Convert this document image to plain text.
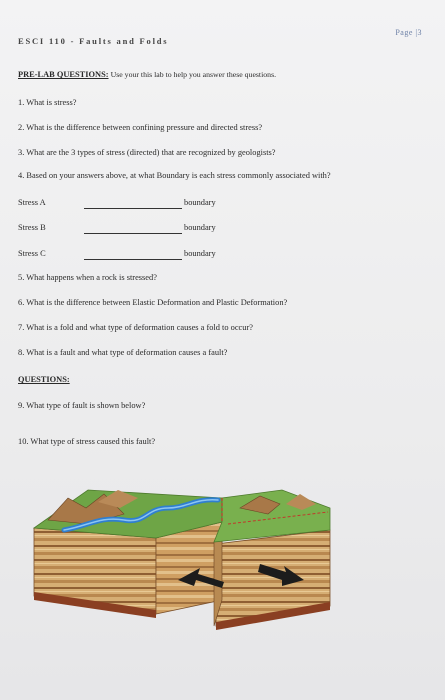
ESCI 110 - Faults and Folds
Page |3
PRE-LAB QUESTIONS: Use your this lab to help you answer these questions.
1. What is stress?
2. What is the difference between confining pressure and directed stress?
3. What are the 3 types of stress (directed) that are recognized by geologists?
4. Based on your answers above, at what Boundary is each stress commonly associated with?
Stress A	boundary
Stress B	boundary
Stress C	boundary
5. What happens when a rock is stressed?
6. What is the difference between Elastic Deformation and Plastic Deformation?
7. What is a fold and what type of deformation causes a fold to occur?
8. What is a fault and what type of deformation causes a fault?
QUESTIONS:
9. What type of fault is shown below?
10. What type of stress caused this fault?
